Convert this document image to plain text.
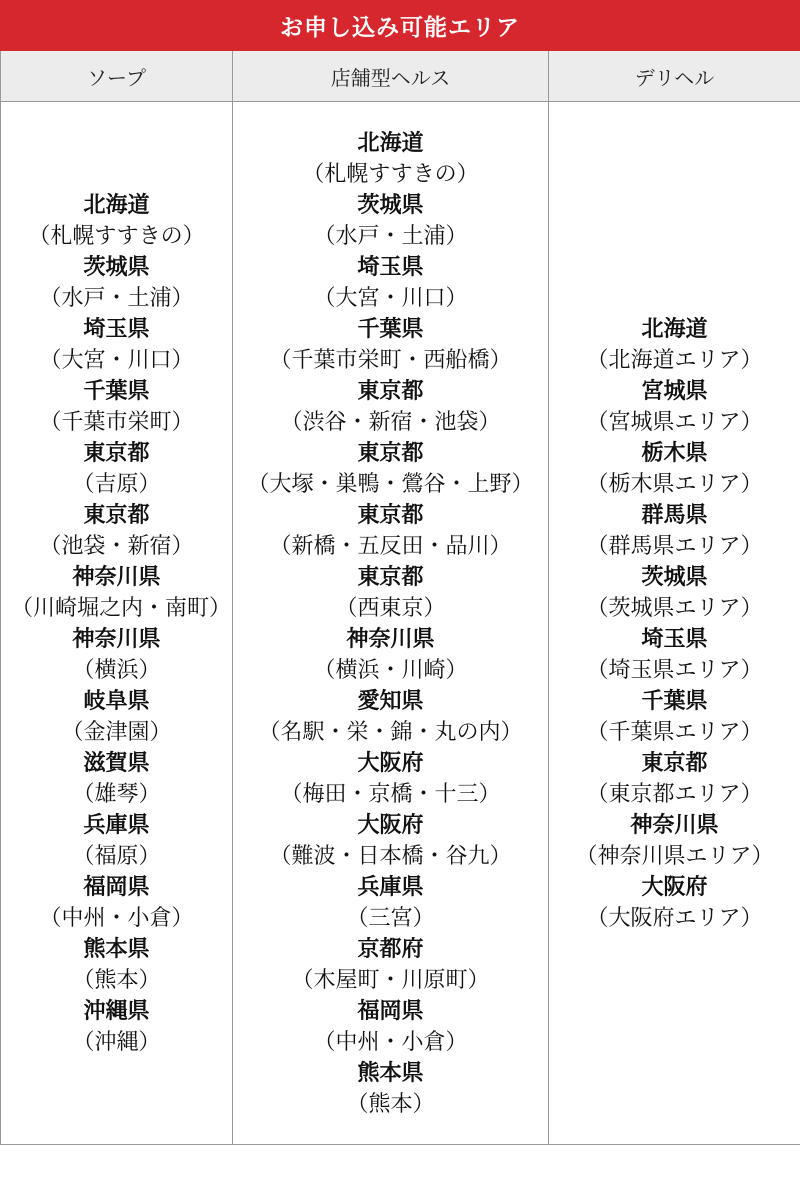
お申し込み可能エリア
ソープ	店舗型ヘルス	デリヘル
北海道
（札幌すすきの）
茨城県
（水戸・土浦）
埼玉県
（大宮・川口）
千葉県
（千葉市栄町）
東京都
（吉原）
東京都
（池袋・新宿）
神奈川県
（川崎堀之内・南町）
神奈川県
（横浜）
岐阜県
（金津園）
滋賀県
（雄琴）
兵庫県
（福原）
福岡県
（中州・小倉）
熊本県
（熊本）
沖縄県
（沖縄）
北海道
（札幌すすきの）
茨城県
（水戸・土浦）
埼玉県
（大宮・川口）
千葉県
（千葉市栄町・西船橋）
東京都
（渋谷・新宿・池袋）
東京都
（大塚・巣鴨・鶯谷・上野）
東京都
（新橋・五反田・品川）
東京都
（西東京）
神奈川県
（横浜・川崎）
愛知県
（名駅・栄・錦・丸の内）
大阪府
（梅田・京橋・十三）
大阪府
（難波・日本橋・谷九）
兵庫県
（三宮）
京都府
（木屋町・川原町）
福岡県
（中州・小倉）
熊本県
（熊本）
北海道
（北海道エリア）
宮城県
（宮城県エリア）
栃木県
（栃木県エリア）
群馬県
（群馬県エリア）
茨城県
（茨城県エリア）
埼玉県
（埼玉県エリア）
千葉県
（千葉県エリア）
東京都
（東京都エリア）
神奈川県
（神奈川県エリア）
大阪府
（大阪府エリア）
